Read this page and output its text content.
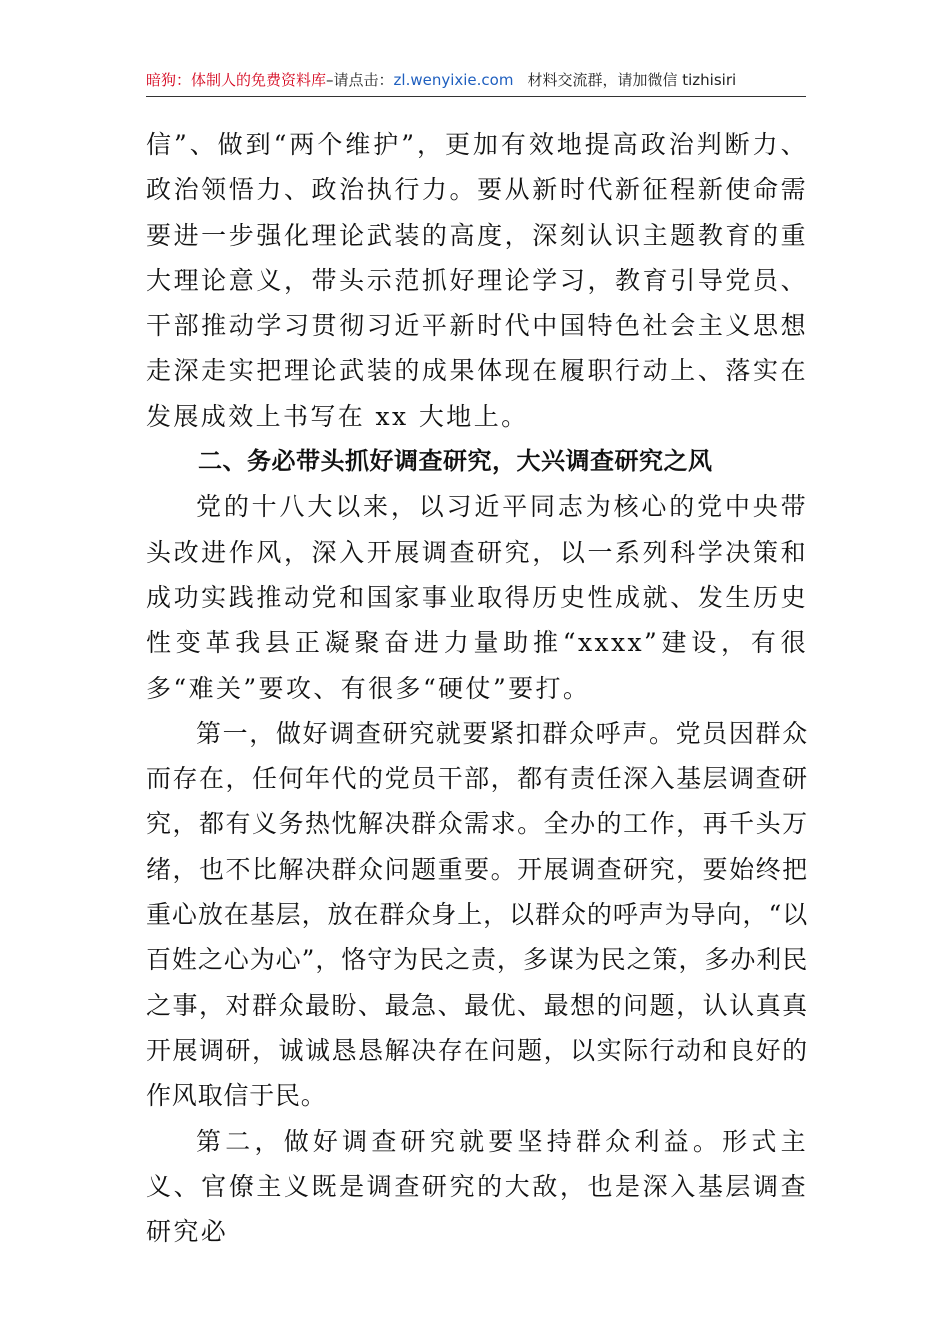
暗狗：体制人的免费资料库–请点击：zl.wenyixie.com 材料交流群，请加微信 tizhisiri

信”、做到“两个维护”，更加有效地提高政治判断力、政治领悟力、政治执行力。要从新时代新征程新使命需要进一步强化理论武装的高度，深刻认识主题教育的重大理论意义，带头示范抓好理论学习，教育引导党员、干部推动学习贯彻习近平新时代中国特色社会主义思想走深走实把理论武装的成果体现在履职行动上、落实在发展成效上书写在 xx 大地上。

二、务必带头抓好调查研究，大兴调查研究之风

党的十八大以来，以习近平同志为核心的党中央带头改进作风，深入开展调查研究，以一系列科学决策和成功实践推动党和国家事业取得历史性成就、发生历史性变革我县正凝聚奋进力量助推“xxxx”建设，有很多“难关”要攻、有很多“硬仗”要打。

第一，做好调查研究就要紧扣群众呼声。党员因群众而存在，任何年代的党员干部，都有责任深入基层调查研究，都有义务热忱解决群众需求。全办的工作，再千头万绪，也不比解决群众问题重要。开展调查研究，要始终把重心放在基层，放在群众身上，以群众的呼声为导向，“以百姓之心为心”，恪守为民之责，多谋为民之策，多办利民之事，对群众最盼、最急、最优、最想的问题，认认真真开展调研，诚诚恳恳解决存在问题，以实际行动和良好的作风取信于民。

第二，做好调查研究就要坚持群众利益。形式主义、官僚主义既是调查研究的大敌，也是深入基层调查研究必
